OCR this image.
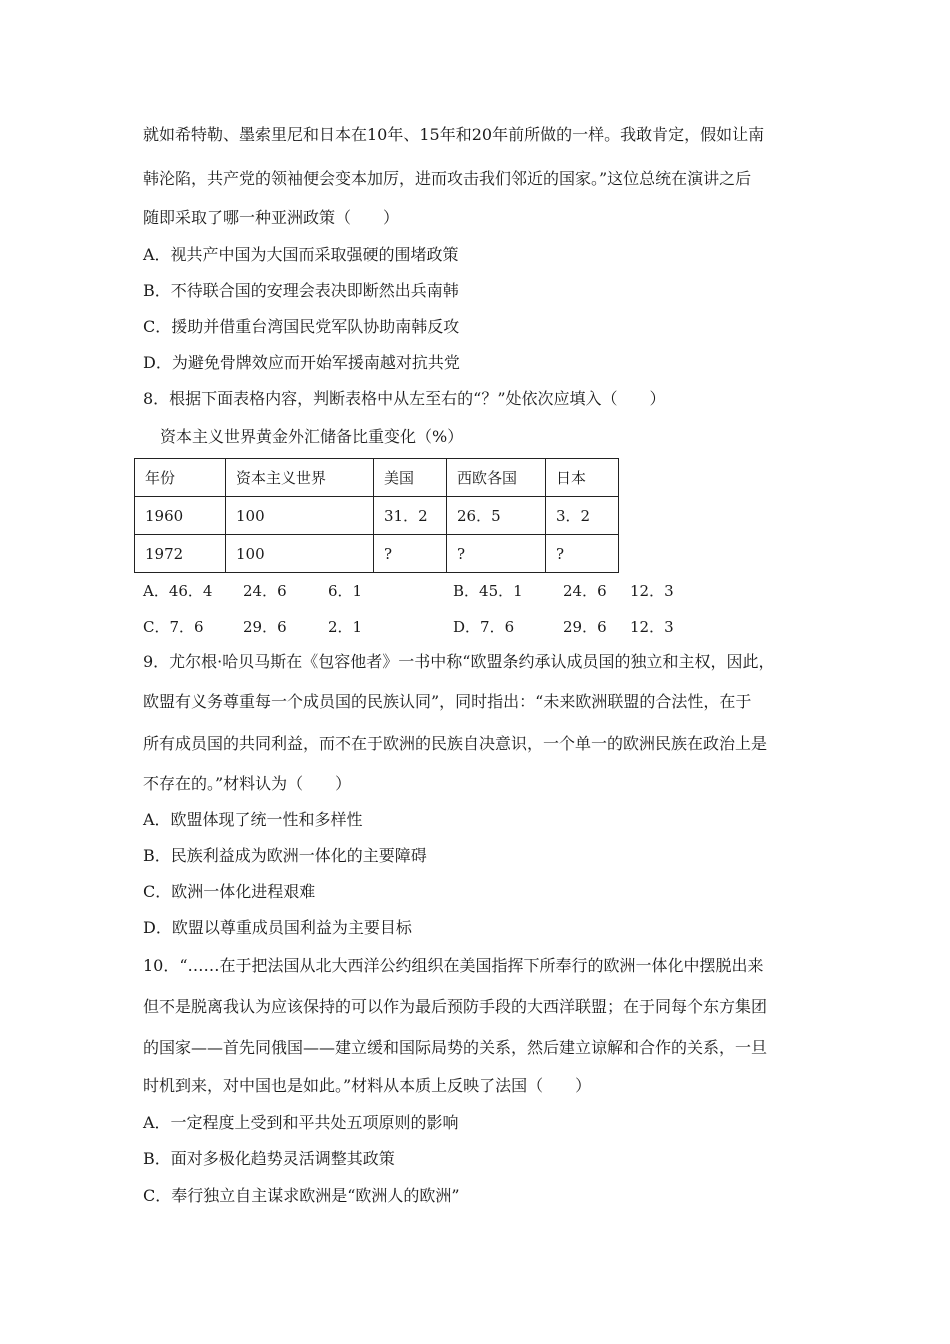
就如希特勒、墨索里尼和日本在10年、15年和20年前所做的一样。我敢肯定，假如让南
韩沦陷，共产党的领袖便会变本加厉，进而攻击我们邻近的国家。”这位总统在演讲之后
随即采取了哪一种亚洲政策（　　）
A．视共产中国为大国而采取强硬的围堵政策
B．不待联合国的安理会表决即断然出兵南韩
C．援助并借重台湾国民党军队协助南韩反攻
D．为避免骨牌效应而开始军援南越对抗共党
8．根据下面表格内容，判断表格中从左至右的“？”处依次应填入（　　）
资本主义世界黄金外汇储备比重变化（%）
年份	资本主义世界	美国	西欧各国	日本
1960	100	31．2	26．5	3．2
1972	100	?	?	?
A．46．4 24．6	6．1	B．45．1	24．6 12．3
C．7．6	29．6	2．1	D．7．6	29．6 12．3
9．尤尔根·哈贝马斯在《包容他者》一书中称“欧盟条约承认成员国的独立和主权，因此，
欧盟有义务尊重每一个成员国的民族认同”，同时指出：“未来欧洲联盟的合法性，在于
所有成员国的共同利益，而不在于欧洲的民族自决意识，一个单一的欧洲民族在政治上是
不存在的。”材料认为（　　）
A．欧盟体现了统一性和多样性
B．民族利益成为欧洲一体化的主要障碍
C．欧洲一体化进程艰难
D．欧盟以尊重成员国利益为主要目标
10．“……在于把法国从北大西洋公约组织在美国指挥下所奉行的欧洲一体化中摆脱出来
但不是脱离我认为应该保持的可以作为最后预防手段的大西洋联盟；在于同每个东方集团
的国家——首先同俄国——建立缓和国际局势的关系，然后建立谅解和合作的关系，一旦
时机到来，对中国也是如此。”材料从本质上反映了法国（　　）
A．一定程度上受到和平共处五项原则的影响
B．面对多极化趋势灵活调整其政策
C．奉行独立自主谋求欧洲是“欧洲人的欧洲”
